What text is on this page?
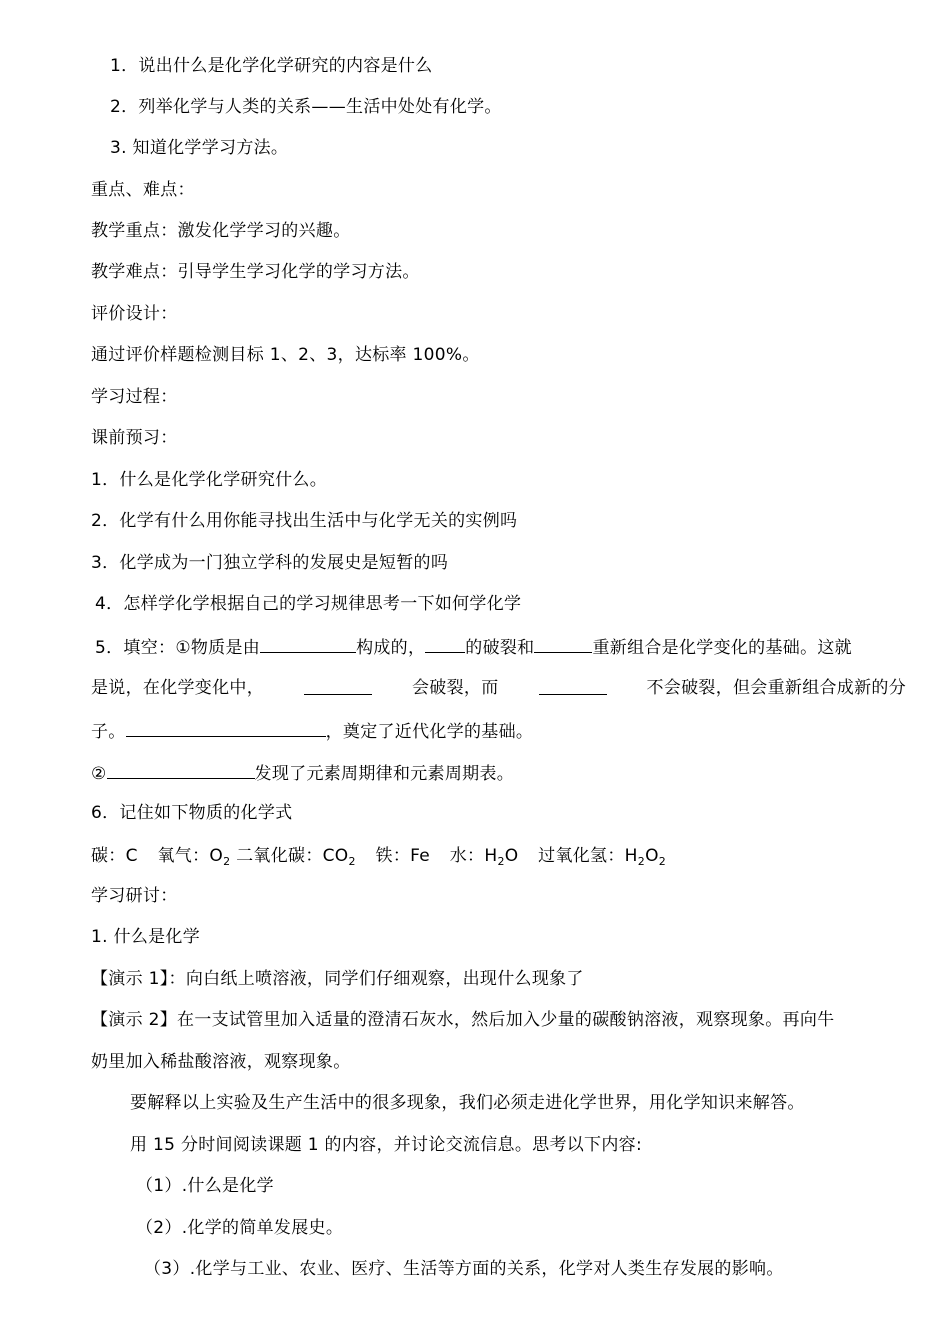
1．说出什么是化学化学研究的内容是什么
2．列举化学与人类的关系——生活中处处有化学。
3. 知道化学学习方法。
重点、难点：
教学重点：激发化学学习的兴趣。
教学难点：引导学生学习化学的学习方法。
评价设计：
通过评价样题检测目标 1、2、3，达标率 100%。
学习过程：
课前预习：
1．什么是化学化学研究什么。
2．化学有什么用你能寻找出生活中与化学无关的实例吗
3．化学成为一门独立学科的发展史是短暂的吗
4．怎样学化学根据自己的学习规律思考一下如何学化学
5．填空：①物质是由	构成的， 的破裂和	重新组合是化学变化的基础。这就
是说，在化学变化中，	会破裂，而	不会破裂，但会重新组合成新的分
子。	，奠定了近代化学的基础。
②	发现了元素周期律和元素周期表。
6．记住如下物质的化学式
碳：C 氧气：$O_2$ 二氧化碳：$CO_2$ 铁：Fe 水：$H_2O$ 过氧化氢：$H_2O_2$
学习研讨：
1. 什么是化学
【演示 1】：向白纸上喷溶液，同学们仔细观察，出现什么现象了
【演示 2】在一支试管里加入适量的澄清石灰水，然后加入少量的碳酸钠溶液，观察现象。再向牛
奶里加入稀盐酸溶液，观察现象。
要解释以上实验及生产生活中的很多现象，我们必须走进化学世界，用化学知识来解答。
用 15 分时间阅读课题 1 的内容，并讨论交流信息。思考以下内容:
（1）.什么是化学
（2）.化学的简单发展史。
（3）.化学与工业、农业、医疗、生活等方面的关系，化学对人类生存发展的影响。
